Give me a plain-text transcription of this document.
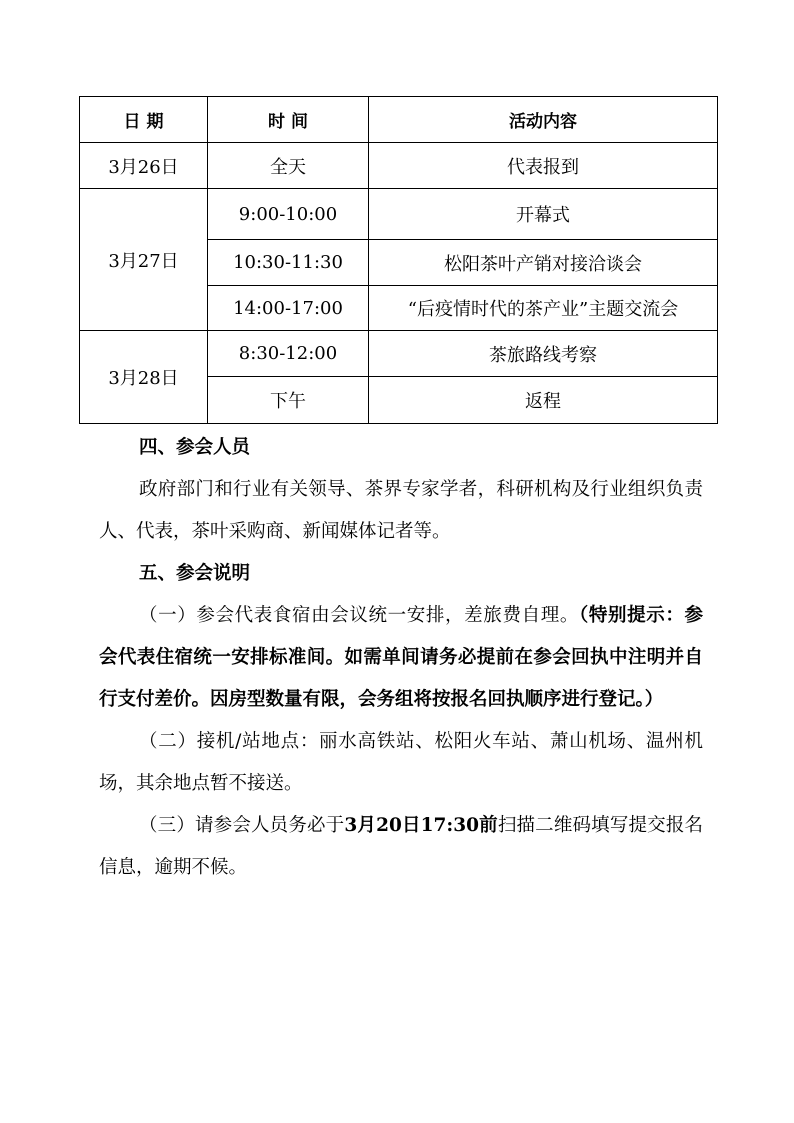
日 期	时 间	活动内容
3月26日	全天	代表报到
3月27日	9:00-10:00	开幕式
	10:30-11:30	松阳茶叶产销对接洽谈会
	14:00-17:00	“后疫情时代的茶产业”主题交流会
3月28日	8:30-12:00	茶旅路线考察
	下午	返程

四、参会人员

政府部门和行业有关领导、茶界专家学者，科研机构及行业组织负责人、代表，茶叶采购商、新闻媒体记者等。

五、参会说明

（一）参会代表食宿由会议统一安排，差旅费自理。（特别提示：参会代表住宿统一安排标准间。如需单间请务必提前在参会回执中注明并自行支付差价。因房型数量有限，会务组将按报名回执顺序进行登记。）

（二）接机/站地点：丽水高铁站、松阳火车站、萧山机场、温州机场，其余地点暂不接送。

（三）请参会人员务必于3月20日17:30前扫描二维码填写提交报名信息，逾期不候。
